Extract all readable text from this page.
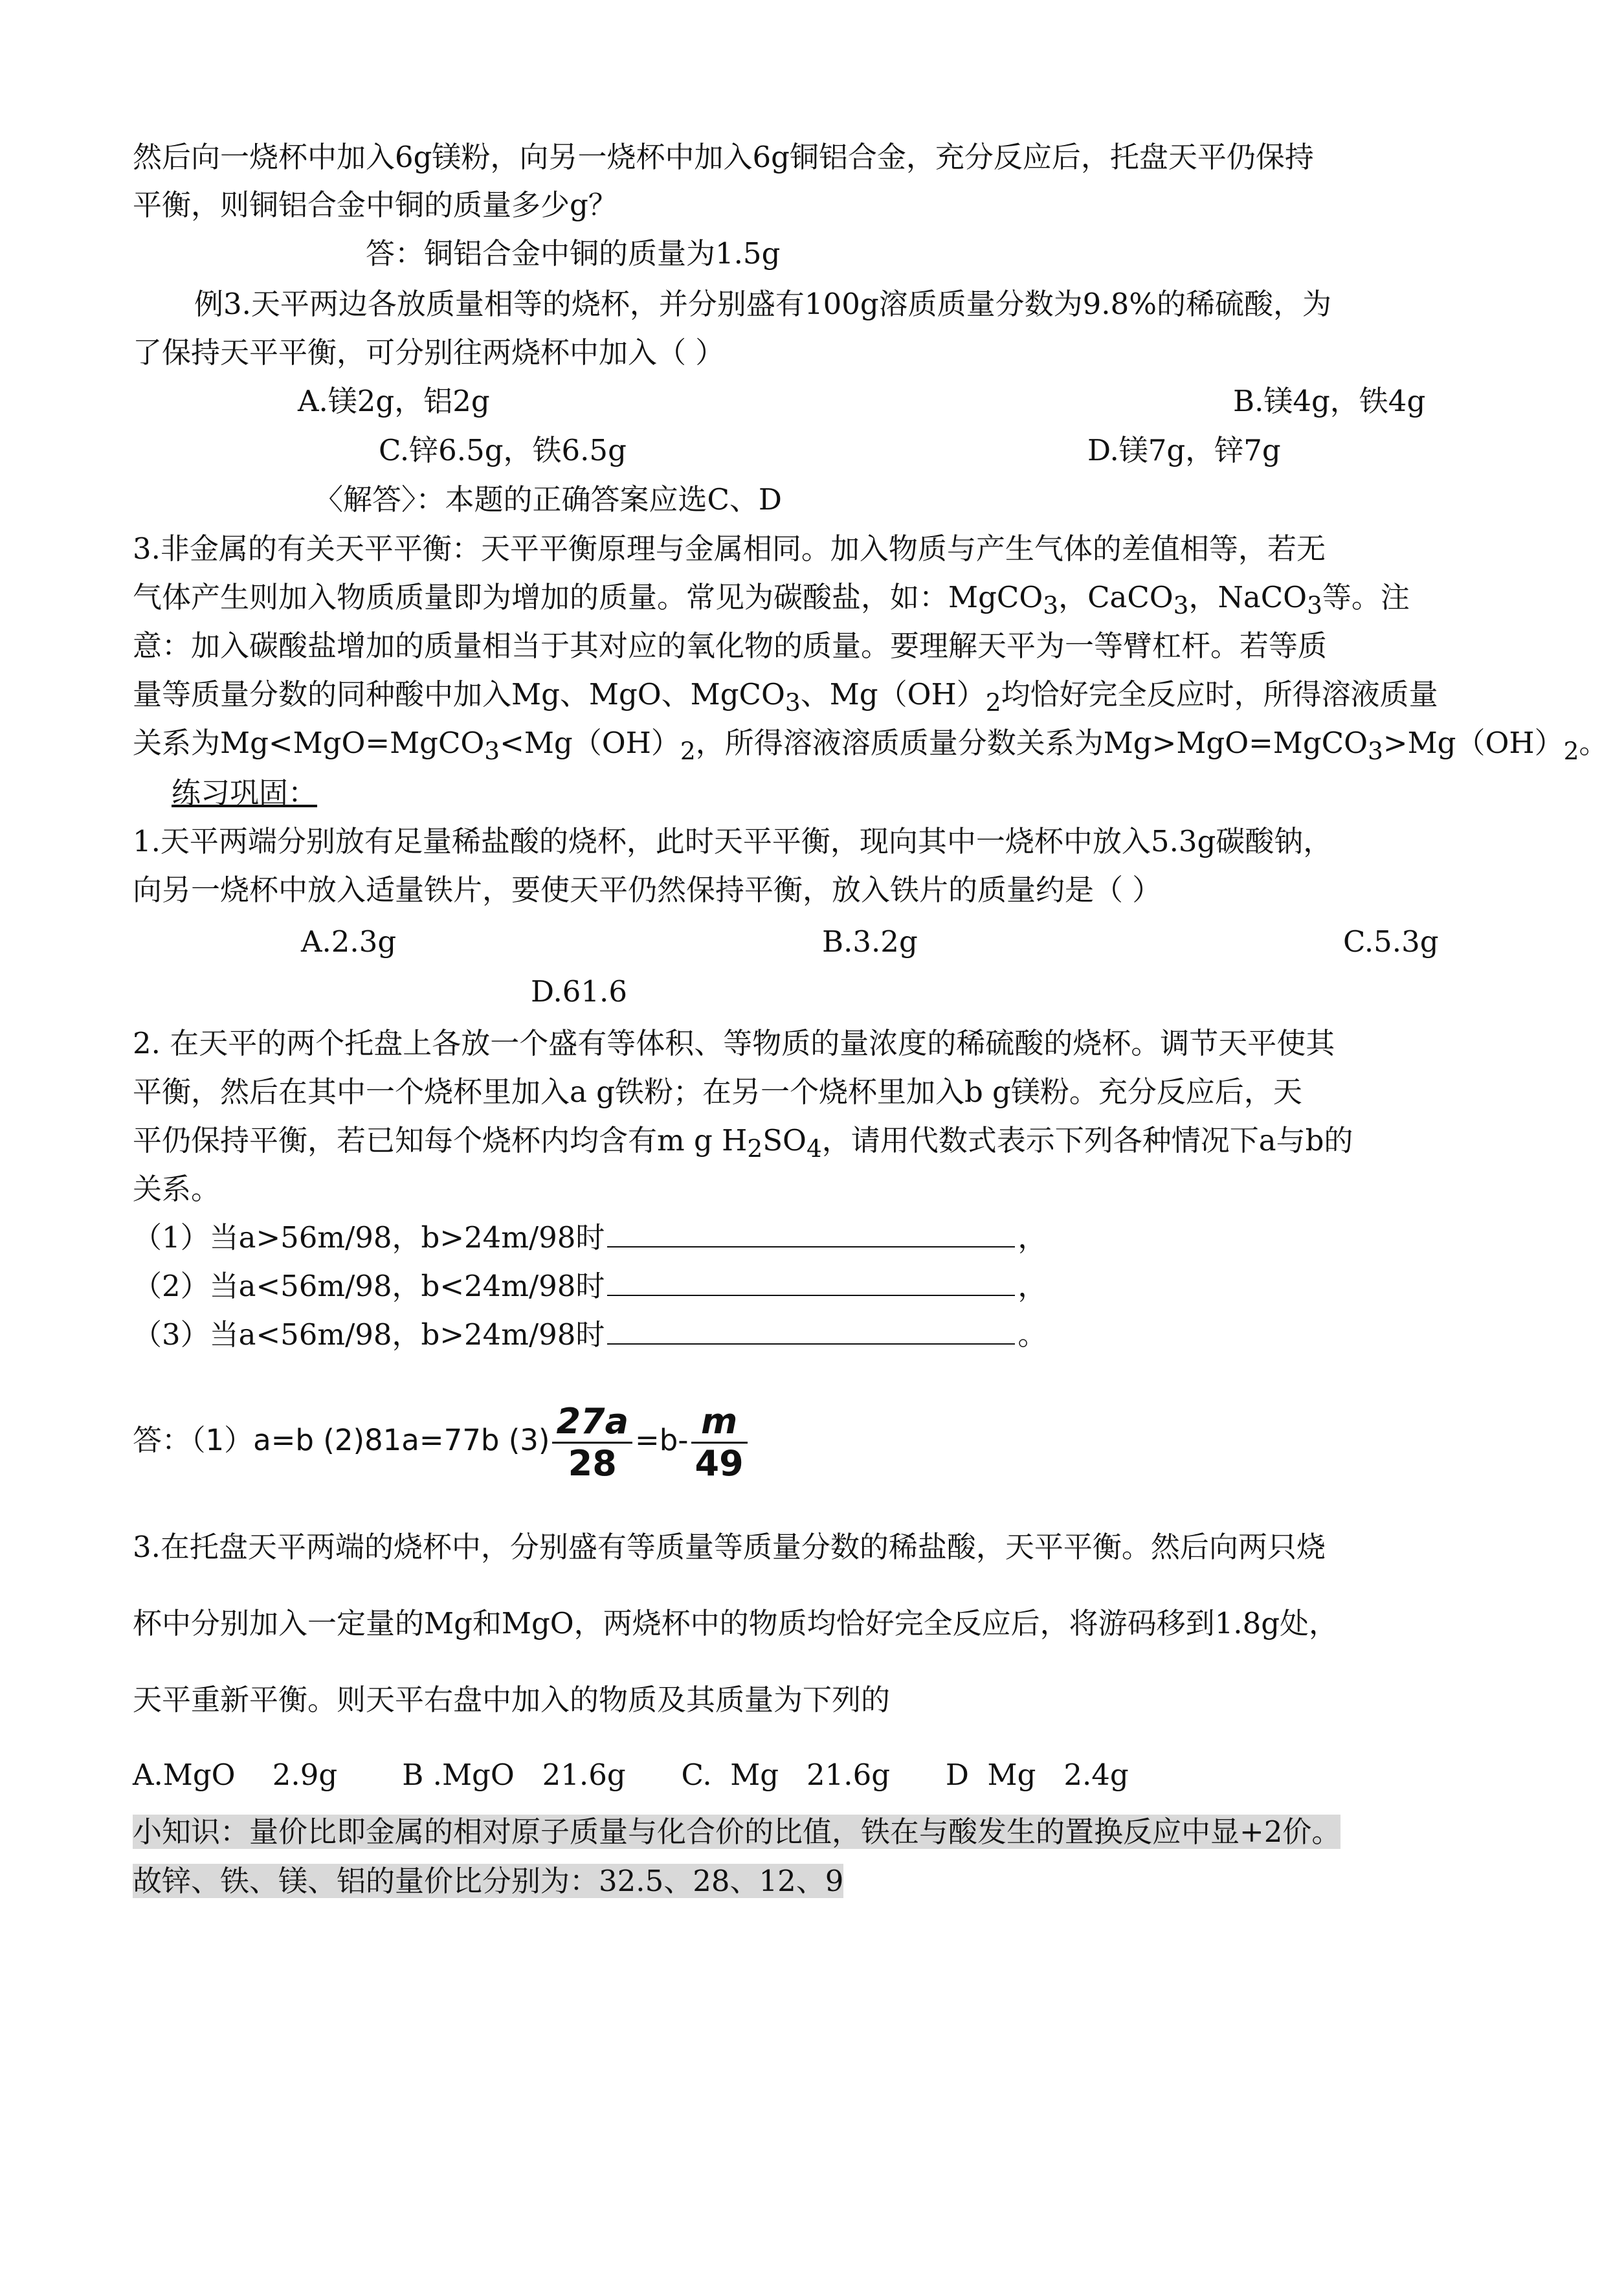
然后向一烧杯中加入6g镁粉，向另一烧杯中加入6g铜铝合金，充分反应后，托盘天平仍保持
平衡，则铜铝合金中铜的质量多少g？
答：铜铝合金中铜的质量为1.5g
例3.天平两边各放质量相等的烧杯，并分别盛有100g溶质质量分数为9.8%的稀硫酸，为
了保持天平平衡，可分别往两烧杯中加入（ ）
A.镁2g，铝2g	B.镁4g，铁4g
C.锌6.5g，铁6.5g	D.镁7g，锌7g
〈解答〉：本题的正确答案应选C、D
3.非金属的有关天平平衡：天平平衡原理与金属相同。加入物质与产生气体的差值相等，若无
气体产生则加入物质质量即为增加的质量。常见为碳酸盐，如：MgCO$_3$，CaCO$_3$，NaCO$_3$等。注
意：加入碳酸盐增加的质量相当于其对应的氧化物的质量。要理解天平为一等臂杠杆。若等质
量等质量分数的同种酸中加入Mg、MgO、MgCO$_3$、$Mg(OH)_2$均恰好完全反应时，所得溶液质量
关系为$Mg<MgO=MgCO_3<Mg(OH)_2$，所得溶液溶质质量分数关系为$Mg>MgO=MgCO_3>Mg(OH)_2$。
练习巩固：
1.天平两端分别放有足量稀盐酸的烧杯，此时天平平衡，现向其中一烧杯中放入5.3g碳酸钠，
向另一烧杯中放入适量铁片，要使天平仍然保持平衡，放入铁片的质量约是（ ）
A.2.3g	B.3.2g	C.5.3g
D.61.6
2. 在天平的两个托盘上各放一个盛有等体积、等物质的量浓度的稀硫酸的烧杯。调节天平使其
平衡，然后在其中一个烧杯里加入a g铁粉；在另一个烧杯里加入b g镁粉。充分反应后，天
平仍保持平衡，若已知每个烧杯内均含有m g $H_2SO_4$，请用代数式表示下列各种情况下a与b的
关系。
（1）当a>56m/98，b>24m/98时	，
（2）当a<56m/98，b<24m/98时	，
（3）当a<56m/98，b>24m/98时	。
答：（1）a=b (2)81a=77b $(3) \frac{27a}{28} =b- \frac{m}{49}$
3.在托盘天平两端的烧杯中，分别盛有等质量等质量分数的稀盐酸，天平平衡。然后向两只烧
杯中分别加入一定量的Mg和MgO，两烧杯中的物质均恰好完全反应后，将游码移到1.8g处，
天平重新平衡。则天平右盘中加入的物质及其质量为下列的
A.MgO    2.9g       B .MgO   21.6g      C.  Mg   21.6g      D  Mg   2.4g
小知识：量价比即金属的相对原子质量与化合价的比值，铁在与酸发生的置换反应中显+2价。
故锌、铁、镁、铝的量价比分别为：32.5、28、12、9
